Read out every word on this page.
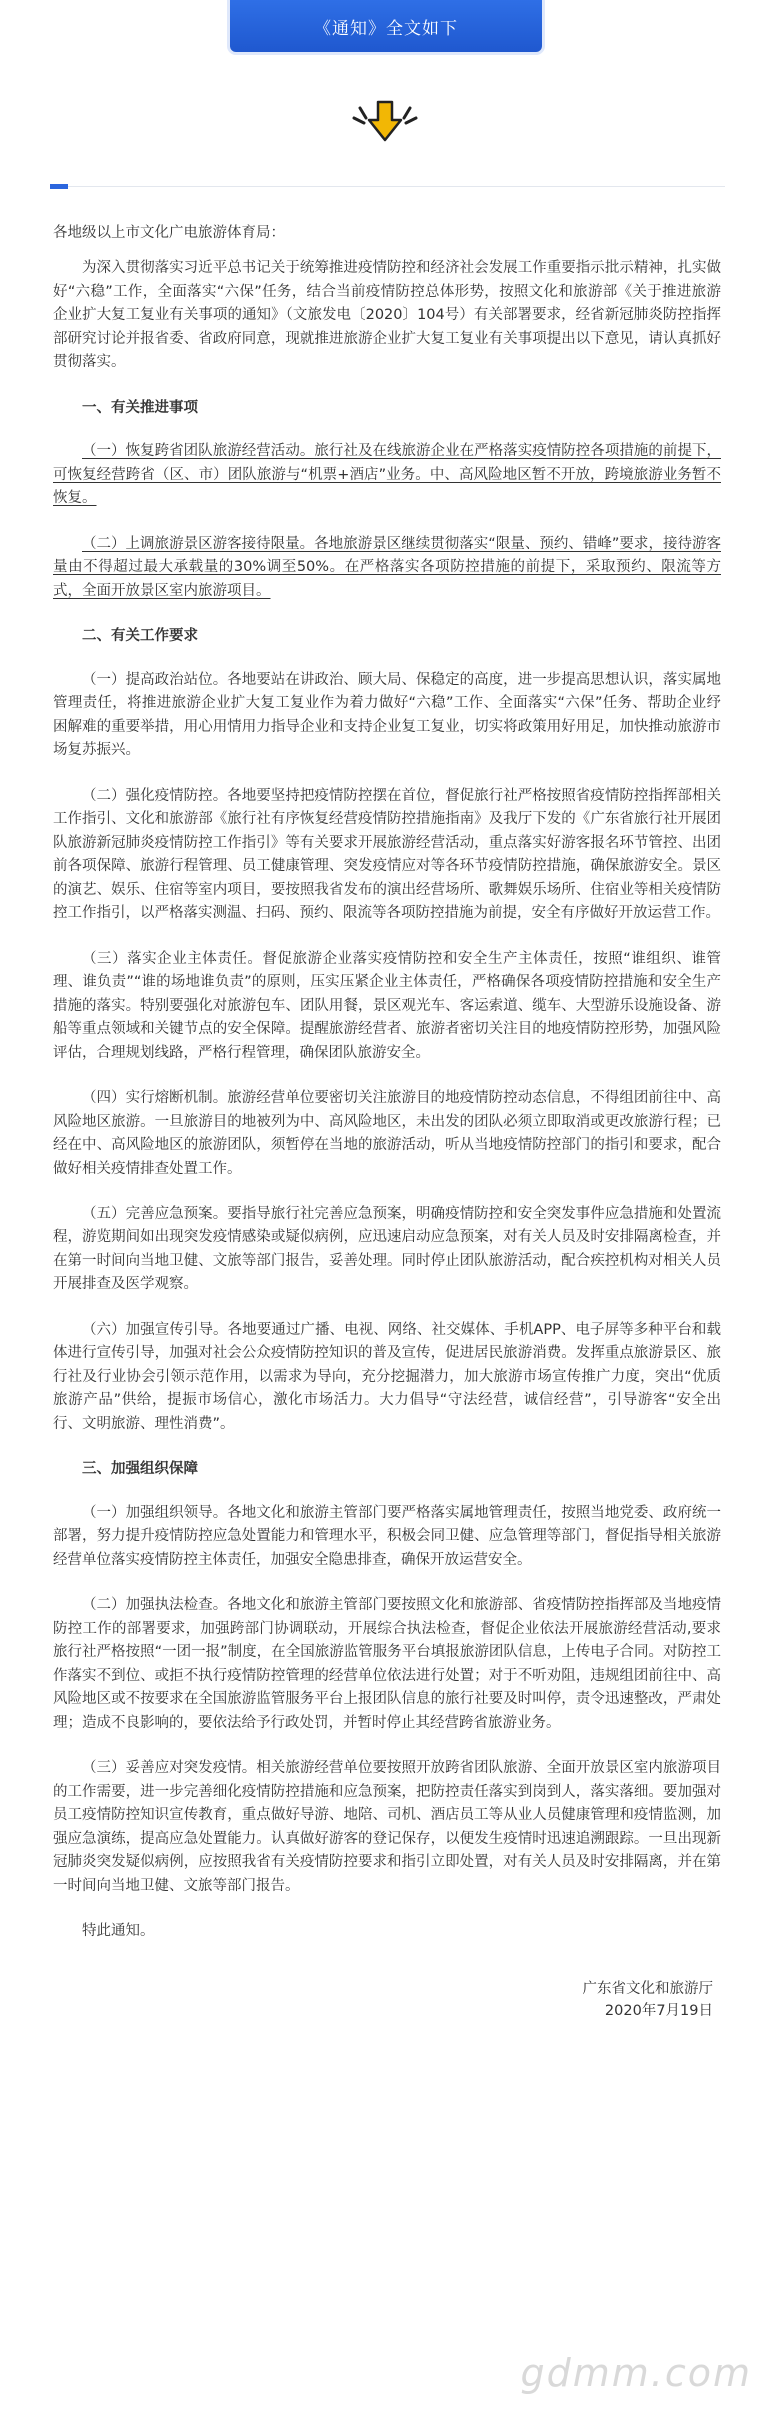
《通知》全文如下

各地级以上市文化广电旅游体育局：

为深入贯彻落实习近平总书记关于统筹推进疫情防控和经济社会发展工作重要指示批示精神，扎实做好“六稳”工作，全面落实“六保”任务，结合当前疫情防控总体形势，按照文化和旅游部《关于推进旅游企业扩大复工复业有关事项的通知》（文旅发电〔2020〕104号）有关部署要求，经省新冠肺炎防控指挥部研究讨论并报省委、省政府同意，现就推进旅游企业扩大复工复业有关事项提出以下意见，请认真抓好贯彻落实。

一、有关推进事项

（一）恢复跨省团队旅游经营活动。旅行社及在线旅游企业在严格落实疫情防控各项措施的前提下，可恢复经营跨省（区、市）团队旅游与“机票+酒店”业务。中、高风险地区暂不开放，跨境旅游业务暂不恢复。

（二）上调旅游景区游客接待限量。各地旅游景区继续贯彻落实“限量、预约、错峰”要求，接待游客量由不得超过最大承载量的30%调至50%。在严格落实各项防控措施的前提下，采取预约、限流等方式，全面开放景区室内旅游项目。

二、有关工作要求

（一）提高政治站位。各地要站在讲政治、顾大局、保稳定的高度，进一步提高思想认识，落实属地管理责任，将推进旅游企业扩大复工复业作为着力做好“六稳”工作、全面落实“六保”任务、帮助企业纾困解难的重要举措，用心用情用力指导企业和支持企业复工复业，切实将政策用好用足，加快推动旅游市场复苏振兴。

（二）强化疫情防控。各地要坚持把疫情防控摆在首位，督促旅行社严格按照省疫情防控指挥部相关工作指引、文化和旅游部《旅行社有序恢复经营疫情防控措施指南》及我厅下发的《广东省旅行社开展团队旅游新冠肺炎疫情防控工作指引》等有关要求开展旅游经营活动，重点落实好游客报名环节管控、出团前各项保障、旅游行程管理、员工健康管理、突发疫情应对等各环节疫情防控措施，确保旅游安全。景区的演艺、娱乐、住宿等室内项目，要按照我省发布的演出经营场所、歌舞娱乐场所、住宿业等相关疫情防控工作指引，以严格落实测温、扫码、预约、限流等各项防控措施为前提，安全有序做好开放运营工作。

（三）落实企业主体责任。督促旅游企业落实疫情防控和安全生产主体责任，按照“谁组织、谁管理、谁负责”“谁的场地谁负责”的原则，压实压紧企业主体责任，严格确保各项疫情防控措施和安全生产措施的落实。特别要强化对旅游包车、团队用餐，景区观光车、客运索道、缆车、大型游乐设施设备、游船等重点领域和关键节点的安全保障。提醒旅游经营者、旅游者密切关注目的地疫情防控形势，加强风险评估，合理规划线路，严格行程管理，确保团队旅游安全。

（四）实行熔断机制。旅游经营单位要密切关注旅游目的地疫情防控动态信息，不得组团前往中、高风险地区旅游。一旦旅游目的地被列为中、高风险地区，未出发的团队必须立即取消或更改旅游行程；已经在中、高风险地区的旅游团队，须暂停在当地的旅游活动，听从当地疫情防控部门的指引和要求，配合做好相关疫情排查处置工作。

（五）完善应急预案。要指导旅行社完善应急预案，明确疫情防控和安全突发事件应急措施和处置流程，游览期间如出现突发疫情感染或疑似病例，应迅速启动应急预案，对有关人员及时安排隔离检查，并在第一时间向当地卫健、文旅等部门报告，妥善处理。同时停止团队旅游活动，配合疾控机构对相关人员开展排查及医学观察。

（六）加强宣传引导。各地要通过广播、电视、网络、社交媒体、手机APP、电子屏等多种平台和载体进行宣传引导，加强对社会公众疫情防控知识的普及宣传，促进居民旅游消费。发挥重点旅游景区、旅行社及行业协会引领示范作用，以需求为导向，充分挖掘潜力，加大旅游市场宣传推广力度，突出“优质旅游产品”供给，提振市场信心，激化市场活力。大力倡导“守法经营，诚信经营”，引导游客“安全出行、文明旅游、理性消费”。

三、加强组织保障

（一）加强组织领导。各地文化和旅游主管部门要严格落实属地管理责任，按照当地党委、政府统一部署，努力提升疫情防控应急处置能力和管理水平，积极会同卫健、应急管理等部门，督促指导相关旅游经营单位落实疫情防控主体责任，加强安全隐患排查，确保开放运营安全。

（二）加强执法检查。各地文化和旅游主管部门要按照文化和旅游部、省疫情防控指挥部及当地疫情防控工作的部署要求，加强跨部门协调联动，开展综合执法检查，督促企业依法开展旅游经营活动,要求旅行社严格按照“一团一报”制度，在全国旅游监管服务平台填报旅游团队信息，上传电子合同。对防控工作落实不到位、或拒不执行疫情防控管理的经营单位依法进行处置；对于不听劝阻，违规组团前往中、高风险地区或不按要求在全国旅游监管服务平台上报团队信息的旅行社要及时叫停，责令迅速整改，严肃处理；造成不良影响的，要依法给予行政处罚，并暂时停止其经营跨省旅游业务。

（三）妥善应对突发疫情。相关旅游经营单位要按照开放跨省团队旅游、全面开放景区室内旅游项目的工作需要，进一步完善细化疫情防控措施和应急预案，把防控责任落实到岗到人，落实落细。要加强对员工疫情防控知识宣传教育，重点做好导游、地陪、司机、酒店员工等从业人员健康管理和疫情监测，加强应急演练，提高应急处置能力。认真做好游客的登记保存，以便发生疫情时迅速追溯跟踪。一旦出现新冠肺炎突发疑似病例，应按照我省有关疫情防控要求和指引立即处置，对有关人员及时安排隔离，并在第一时间向当地卫健、文旅等部门报告。

特此通知。

广东省文化和旅游厅
2020年7月19日
gdmm.com
